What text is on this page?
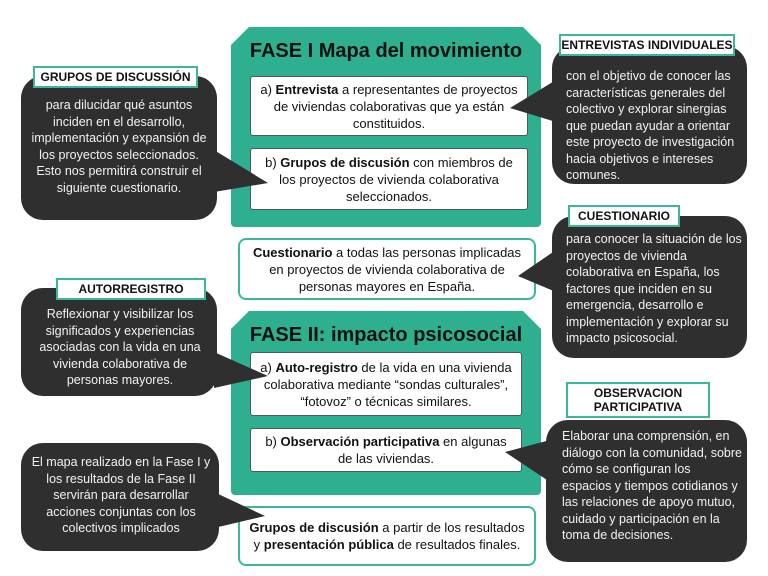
FASE I Mapa del movimiento
a) Entrevista a representantes de proyectos de viviendas colaborativas que ya están constituidos.
b) Grupos de discusión con miembros de los proyectos de vivienda colaborativa seleccionados.
Cuestionario a todas las personas implicadas en proyectos de vivienda colaborativa de personas mayores en España.
FASE II: impacto psicosocial
a) Auto-registro de la vida en una vivienda colaborativa mediante “sondas culturales”, “fotovoz” o técnicas similares.
b) Observación participativa en algunas de las viviendas.
Grupos de discusión a partir de los resultados y presentación pública de resultados finales.
para dilucidar qué asuntos inciden en el desarrollo, implementación y expansión de los proyectos seleccionados. Esto nos permitirá construir el siguiente cuestionario.
GRUPOS DE DISCUSSIÓN
Reflexionar y visibilizar los significados y experiencias asociadas con la vida en una vivienda colaborativa de personas mayores.
AUTORREGISTRO
El mapa realizado en la Fase I y los resultados de la Fase II servirán para desarrollar acciones conjuntas con los colectivos implicados
con el objetivo de conocer las características generales del colectivo y explorar sinergias que puedan ayudar a orientar este proyecto de investigación hacia objetivos e intereses comunes.
ENTREVISTAS INDIVIDUALES
para conocer la situación de los proyectos de vivienda colaborativa en España, los factores que inciden en su emergencia, desarrollo e implementación y explorar su impacto psicosocial.
CUESTIONARIO
Elaborar una comprensión, en diálogo con la comunidad, sobre cómo se configuran los espacios y tiempos cotidianos y las relaciones de apoyo mutuo, cuidado y participación en la toma de decisiones.
OBSERVACION
PARTICIPATIVA
